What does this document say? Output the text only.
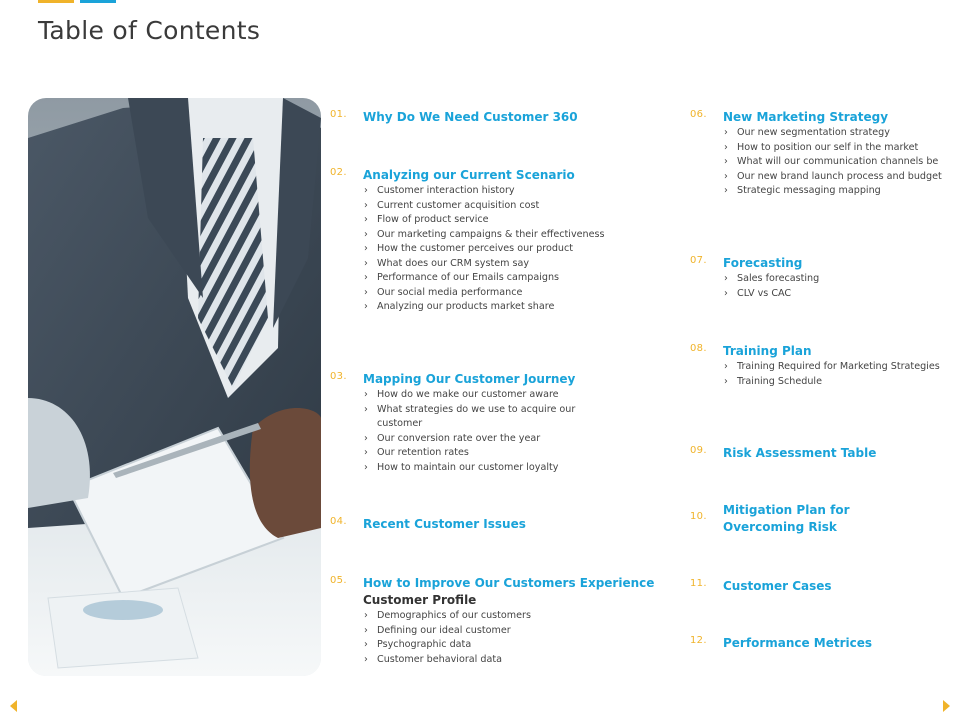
Table of Contents
01. Why Do We Need Customer 360
02. Analyzing our Current Scenario
› Customer interaction history
› Current customer acquisition cost
› Flow of product service
› Our marketing campaigns & their effectiveness
› How the customer perceives our product
› What does our CRM system say
› Performance of our Emails campaigns
› Our social media performance
› Analyzing our products market share
03. Mapping Our Customer Journey
› How do we make our customer aware
› What strategies do we use to acquire our customer
› Our conversion rate over the year
› Our retention rates
› How to maintain our customer loyalty
04. Recent Customer Issues
05. How to Improve Our Customers Experience
Customer Profile
› Demographics of our customers
› Defining our ideal customer
› Psychographic data
› Customer behavioral data
06. New Marketing Strategy
› Our new segmentation strategy
› How to position our self in the market
› What will our communication channels be
› Our new brand launch process and budget
› Strategic messaging mapping
07. Forecasting
› Sales forecasting
› CLV vs CAC
08. Training Plan
› Training Required for Marketing Strategies
› Training Schedule
09. Risk Assessment Table
10. Mitigation Plan for Overcoming Risk
11. Customer Cases
12. Performance Metrices
